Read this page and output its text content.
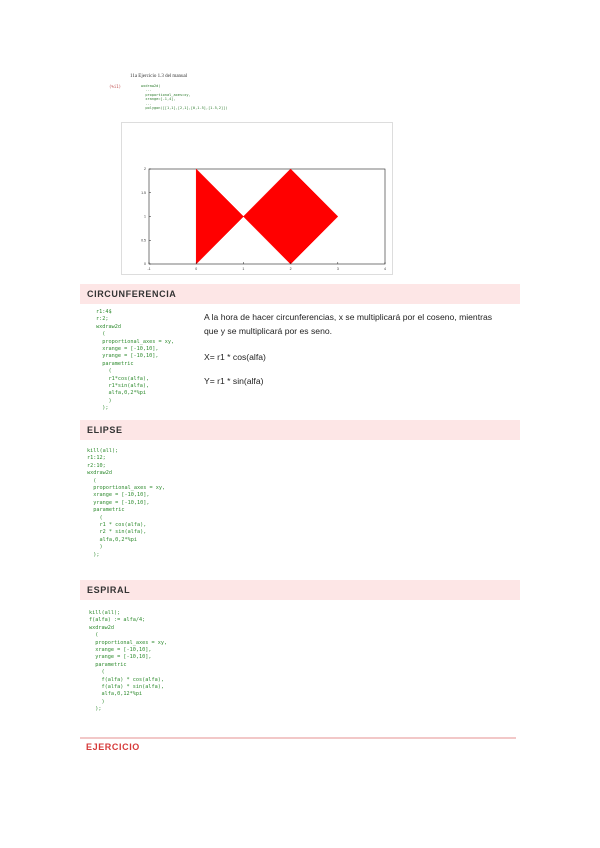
11a Ejercicio 1.3 del manual
(%i1)	wxdraw2d(
...
proportional_axes=xy,
xrange=[-1,4],
...
polygon([[1,1],[2,1],[0,1.5],[1.5,2]])
-1	0	1	2	3	4
0
0.5
1
1.5
2
CIRCUNFERENCIA
r1:4$
r:2;
wxdraw2d
(
proportional_axes = xy,
xrange = [-10,10],
yrange = [-10,10],
parametric
(
r1*cos(alfa),
r1*sin(alfa),
alfa,0,2*%pi
)
);
A la hora de hacer circunferencias, x se multiplicará por el coseno, mientras que y se multiplicará por es seno.
X= r1 * cos(alfa)
Y= r1 * sin(alfa)
ELIPSE
kill(all);
r1:12;
r2:10;
wxdraw2d
(
proportional_axes = xy,
xrange = [-10,10],
yrange = [-10,10],
parametric
(
r1 * cos(alfa),
r2 * sin(alfa),
alfa,0,2*%pi
)
);
ESPIRAL
kill(all);
f(alfa) := alfa/4;
wxdraw2d
(
proportional_axes = xy,
xrange = [-10,10],
yrange = [-10,10],
parametric
(
f(alfa) * cos(alfa),
f(alfa) * sin(alfa),
alfa,0,12*%pi
)
);
EJERCICIO
